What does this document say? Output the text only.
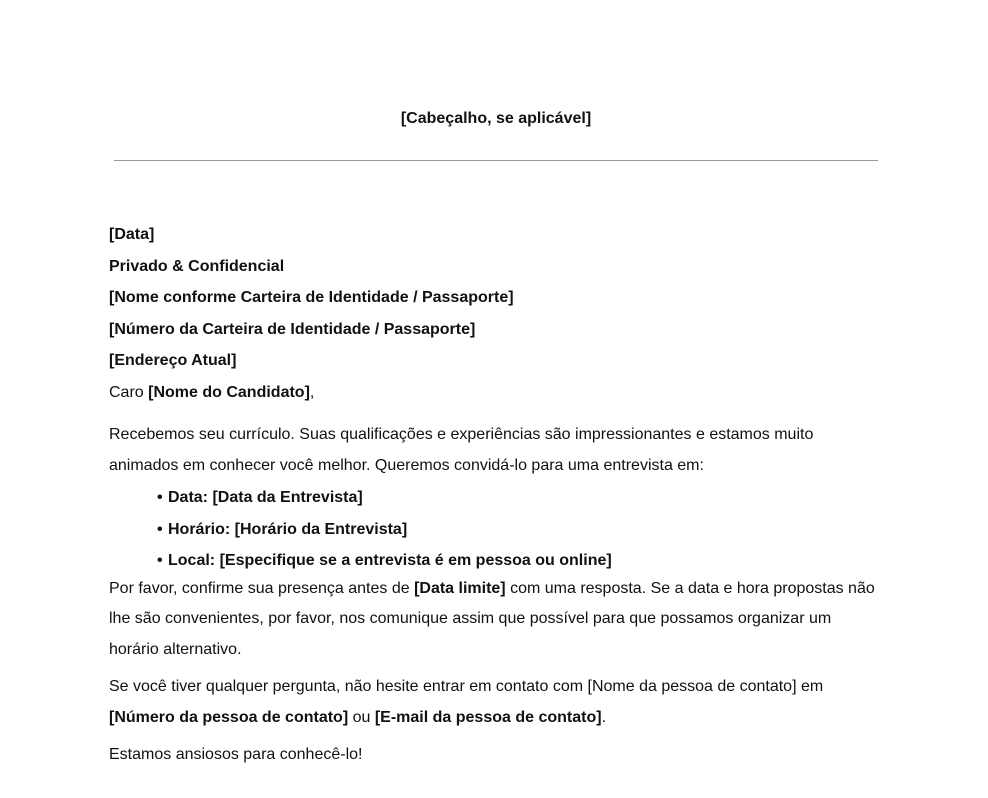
[Cabeçalho, se aplicável]
[Data]
Privado & Confidencial
[Nome conforme Carteira de Identidade / Passaporte]
[Número da Carteira de Identidade / Passaporte]
[Endereço Atual]
Caro [Nome do Candidato],

Recebemos seu currículo. Suas qualificações e experiências são impressionantes e estamos muito animados em conhecer você melhor. Queremos convidá-lo para uma entrevista em:

• Data: [Data da Entrevista]
• Horário: [Horário da Entrevista]
• Local: [Especifique se a entrevista é em pessoa ou online]

Por favor, confirme sua presença antes de [Data limite] com uma resposta. Se a data e hora propostas não lhe são convenientes, por favor, nos comunique assim que possível para que possamos organizar um horário alternativo.

Se você tiver qualquer pergunta, não hesite entrar em contato com [Nome da pessoa de contato] em [Número da pessoa de contato] ou [E-mail da pessoa de contato].

Estamos ansiosos para conhecê-lo!
